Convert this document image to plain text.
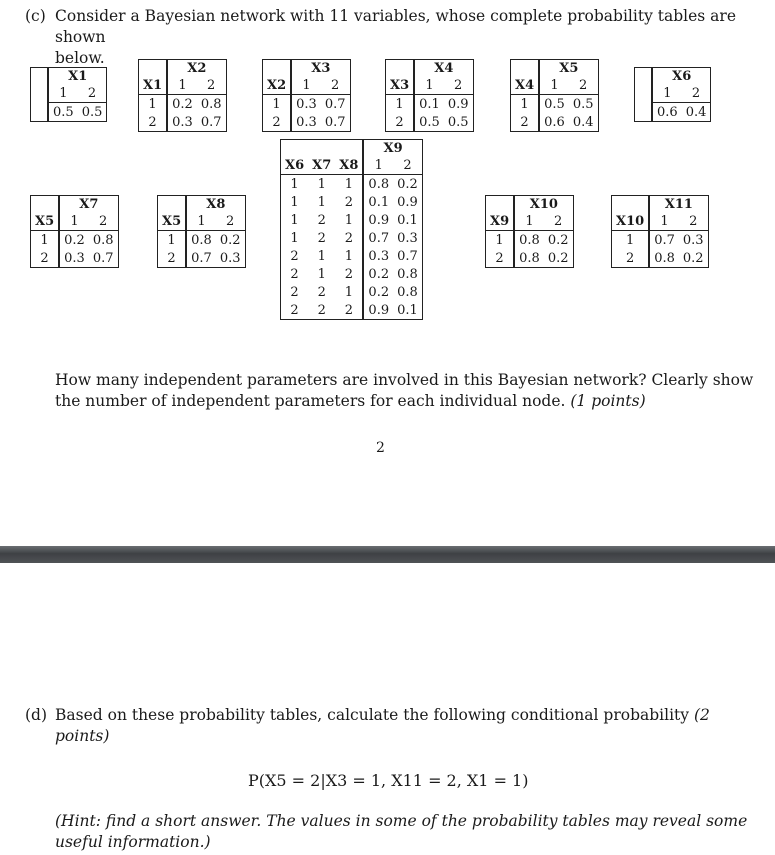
(c) Consider a Bayesian network with 11 variables, whose complete probability tables are shown
below.
	X1	
	1	2
	0.5	0.5
	X2	
X1	1	2
1	0.2	0.8
2	0.3	0.7
	X3	
X2	1	2
1	0.3	0.7
2	0.3	0.7
	X4	
X3	1	2
1	0.1	0.9
2	0.5	0.5
	X5	
X4	1	2
1	0.5	0.5
2	0.6	0.4
	X6	
	1	2
	0.6	0.4
	X7	
X5	1	2
1	0.2	0.8
2	0.3	0.7
	X8	
X5	1	2
1	0.8	0.2
2	0.7	0.3
			X9	
X6	X7	X8	1	2
1	1	1	0.8	0.2
1	1	2	0.1	0.9
1	2	1	0.9	0.1
1	2	2	0.7	0.3
2	1	1	0.3	0.7
2	1	2	0.2	0.8
2	2	1	0.2	0.8
2	2	2	0.9	0.1
	X10	
X9	1	2
1	0.8	0.2
2	0.8	0.2
	X11	
X10	1	2
1	0.7	0.3
2	0.8	0.2
How many independent parameters are involved in this Bayesian network? Clearly show
the number of independent parameters for each individual node. (1 points)
2
(d) Based on these probability tables, calculate the following conditional probability (2 points)
P(X5 = 2|X3 = 1, X11 = 2, X1 = 1)
(Hint: find a short answer. The values in some of the probability tables may reveal some
useful information.)
